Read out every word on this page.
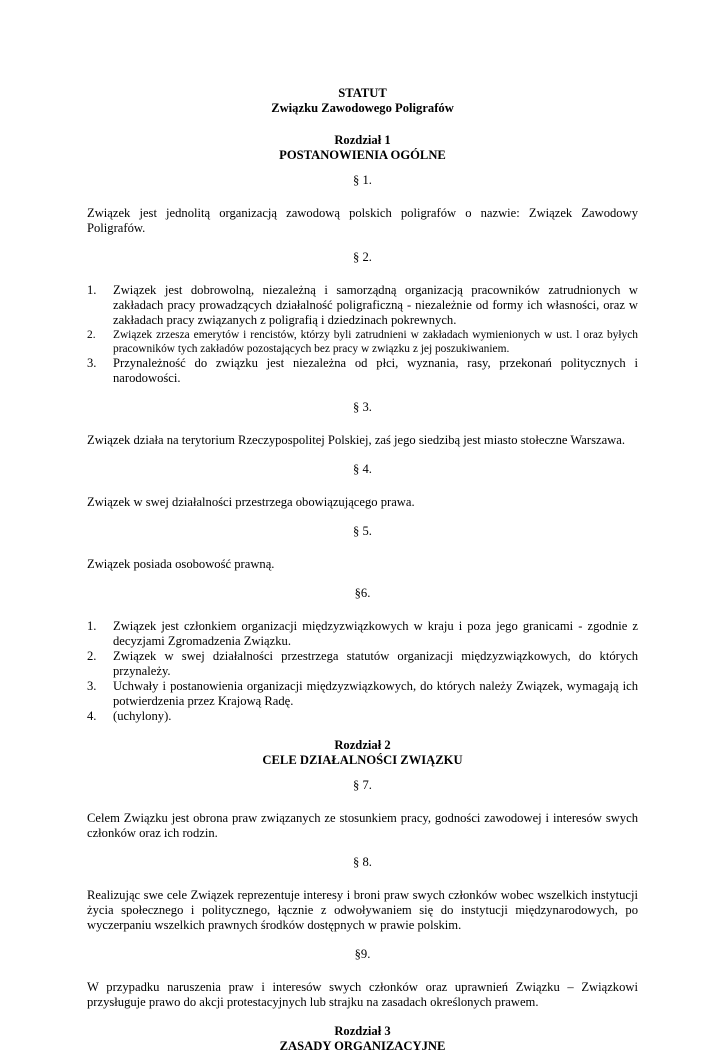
STATUT
Związku Zawodowego Poligrafów
Rozdział 1
POSTANOWIENIA OGÓLNE
§ 1.

Związek jest jednolitą organizacją zawodową polskich poligrafów o nazwie: Związek Zawodowy Poligrafów.

§ 2.
1. Związek jest dobrowolną, niezależną i samorządną organizacją pracowników zatrudnionych w zakładach pracy prowadzących działalność poligraficzną - niezależnie od formy ich własności, oraz w zakładach pracy związanych z poligrafią i dziedzinach pokrewnych.
2. Związek zrzesza emerytów i rencistów, którzy byli zatrudnieni w zakładach wymienionych w ust. l oraz byłych pracowników tych zakładów pozostających bez pracy w związku z jej poszukiwaniem.
3. Przynależność do związku jest niezależna od płci, wyznania, rasy, przekonań politycznych i narodowości.
§ 3.

Związek działa na terytorium Rzeczypospolitej Polskiej, zaś jego siedzibą jest miasto stołeczne Warszawa.

§ 4.

Związek w swej działalności przestrzega obowiązującego prawa.

§ 5.

Związek posiada osobowość prawną.

§6.
1. Związek jest członkiem organizacji międzyzwiązkowych w kraju i poza jego granicami - zgodnie z decyzjami Zgromadzenia Związku.
2. Związek w swej działalności przestrzega statutów organizacji międzyzwiązkowych, do których przynależy.
3. Uchwały i postanowienia organizacji międzyzwiązkowych, do których należy Związek, wymagają ich potwierdzenia przez Krajową Radę.
4. (uchylony).
Rozdział 2
CELE DZIAŁALNOŚCI ZWIĄZKU
§ 7.

Celem Związku jest obrona praw związanych ze stosunkiem pracy, godności zawodowej i interesów swych członków oraz ich rodzin.

§ 8.

Realizując swe cele Związek reprezentuje interesy i broni praw swych członków wobec wszelkich instytucji życia społecznego i politycznego, łącznie z odwoływaniem się do instytucji międzynarodowych, po wyczerpaniu wszelkich prawnych środków dostępnych w prawie polskim.

§9.

W przypadku naruszenia praw i interesów swych członków oraz uprawnień Związku – Związkowi przysługuje prawo do akcji protestacyjnych lub strajku na zasadach określonych prawem.

Rozdział 3
ZASADY ORGANIZACYJNE
